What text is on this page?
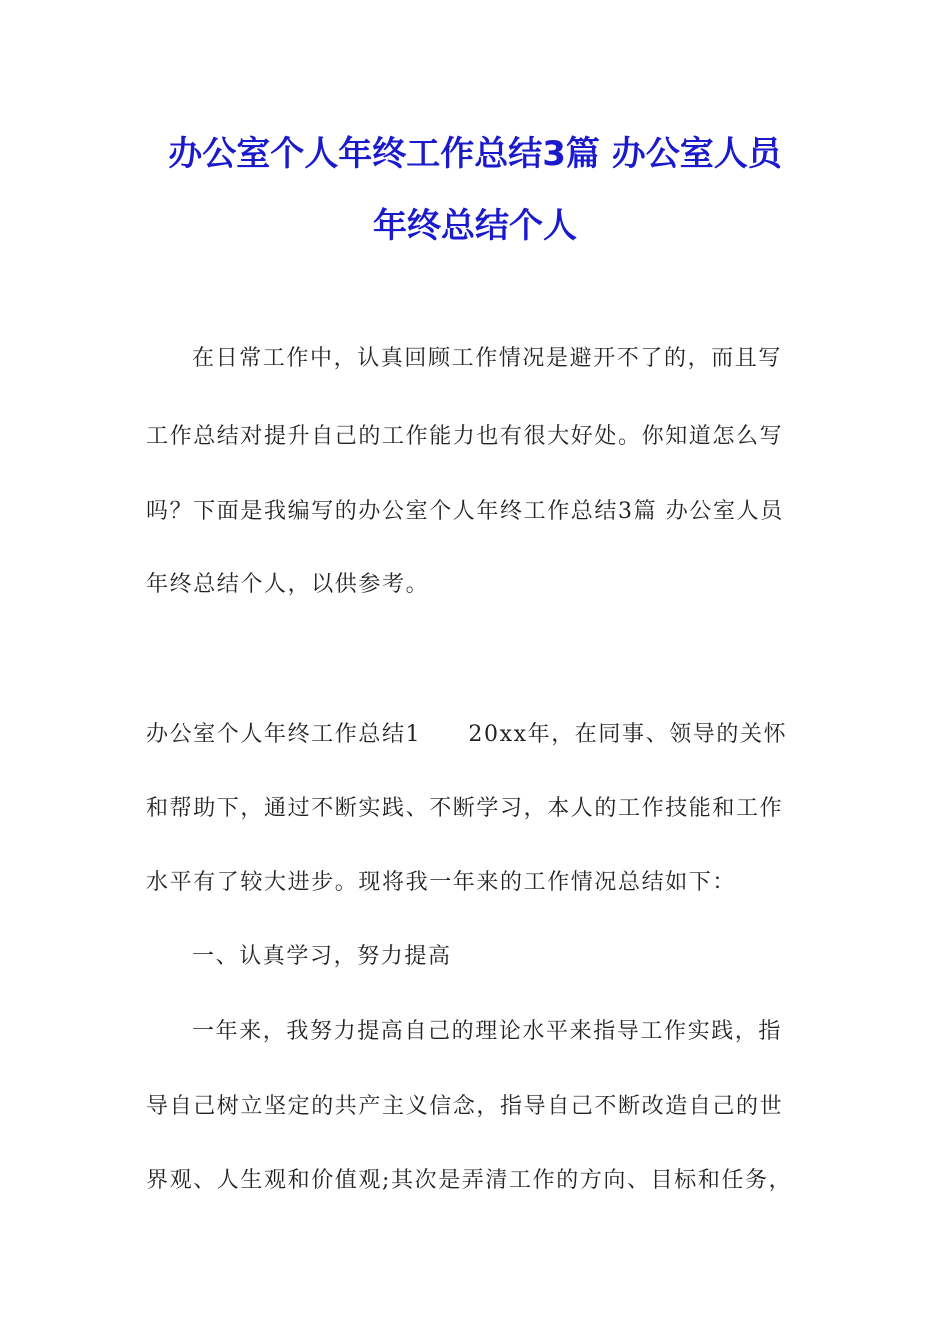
办公室个人年终工作总结3篇 办公室人员
年终总结个人
在日常工作中，认真回顾工作情况是避开不了的，而且写
工作总结对提升自己的工作能力也有很大好处。你知道怎么写
吗？下面是我编写的办公室个人年终工作总结3篇 办公室人员
年终总结个人，以供参考。
办公室个人年终工作总结1　　20xx年，在同事、领导的关怀
和帮助下，通过不断实践、不断学习，本人的工作技能和工作
水平有了较大进步。现将我一年来的工作情况总结如下：
一、认真学习，努力提高
一年来，我努力提高自己的理论水平来指导工作实践，指
导自己树立坚定的共产主义信念，指导自己不断改造自己的世
界观、人生观和价值观;其次是弄清工作的方向、目标和任务，
